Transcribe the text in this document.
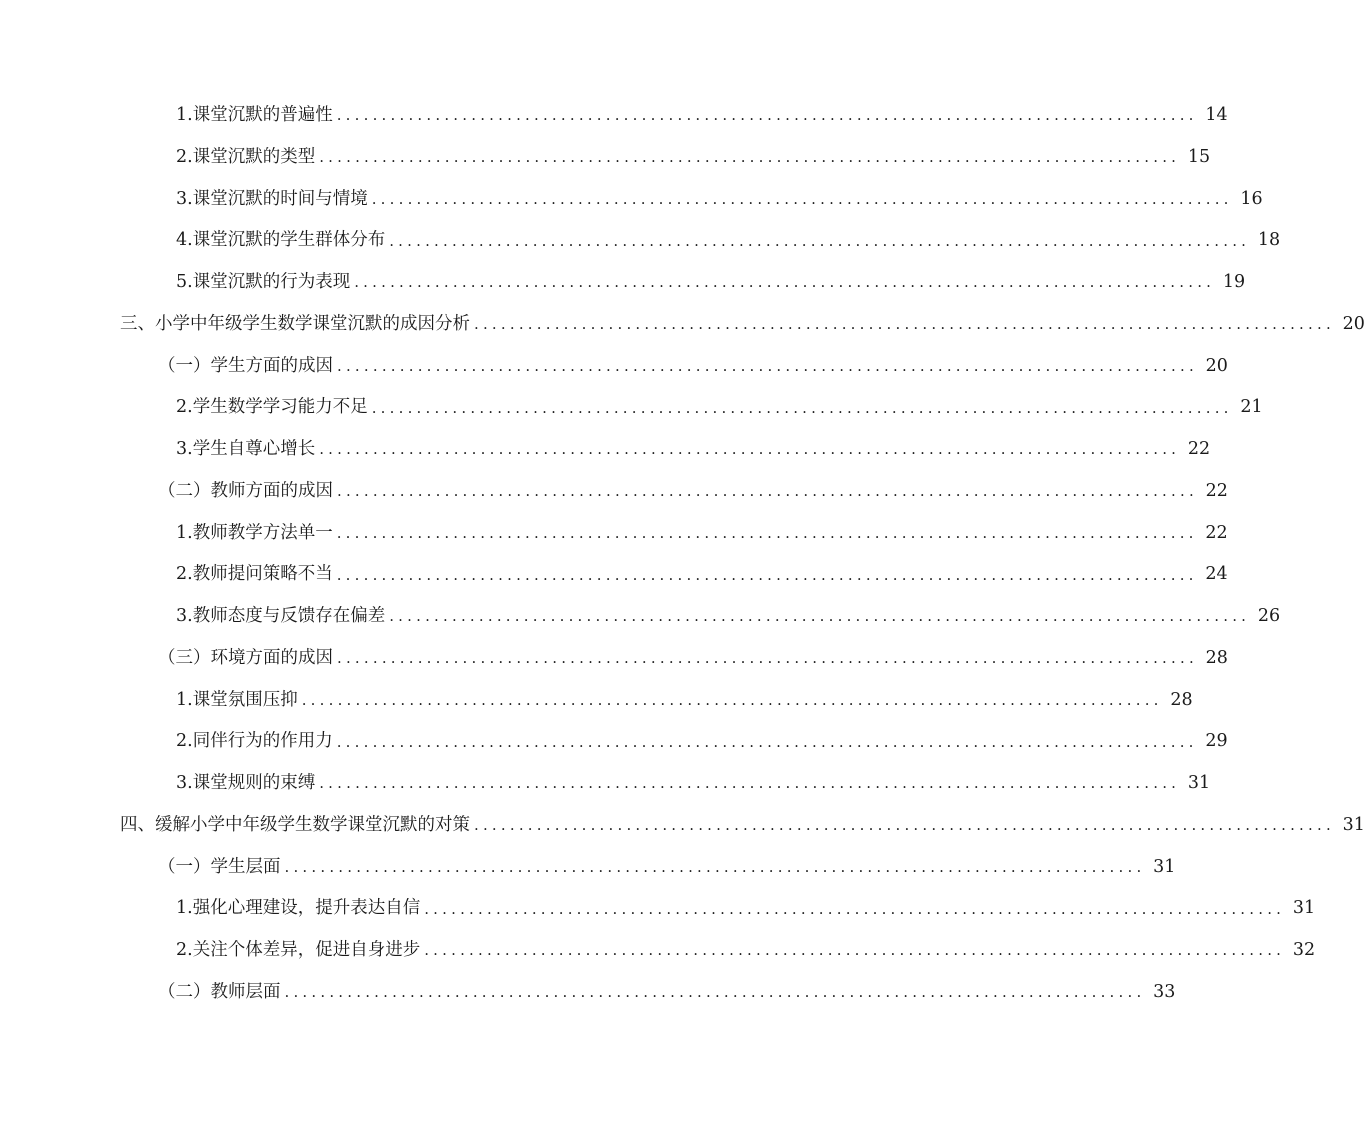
1.课堂沉默的普遍性 ................................................................................................ 14
2.课堂沉默的类型 ................................................................................................ 15
3.课堂沉默的时间与情境 ................................................................................................ 16
4.课堂沉默的学生群体分布 ................................................................................................ 18
5.课堂沉默的行为表现 ................................................................................................ 19
三、小学中年级学生数学课堂沉默的成因分析 ................................................................................................ 20
（一）学生方面的成因 ................................................................................................ 20
2.学生数学学习能力不足 ................................................................................................ 21
3.学生自尊心增长 ................................................................................................ 22
（二）教师方面的成因 ................................................................................................ 22
1.教师教学方法单一 ................................................................................................ 22
2.教师提问策略不当 ................................................................................................ 24
3.教师态度与反馈存在偏差 ................................................................................................ 26
（三）环境方面的成因 ................................................................................................ 28
1.课堂氛围压抑 ................................................................................................ 28
2.同伴行为的作用力 ................................................................................................ 29
3.课堂规则的束缚 ................................................................................................ 31
四、缓解小学中年级学生数学课堂沉默的对策 ................................................................................................ 31
（一）学生层面 ................................................................................................ 31
1.强化心理建设，提升表达自信 ................................................................................................ 31
2.关注个体差异，促进自身进步 ................................................................................................ 32
（二）教师层面 ................................................................................................ 33
